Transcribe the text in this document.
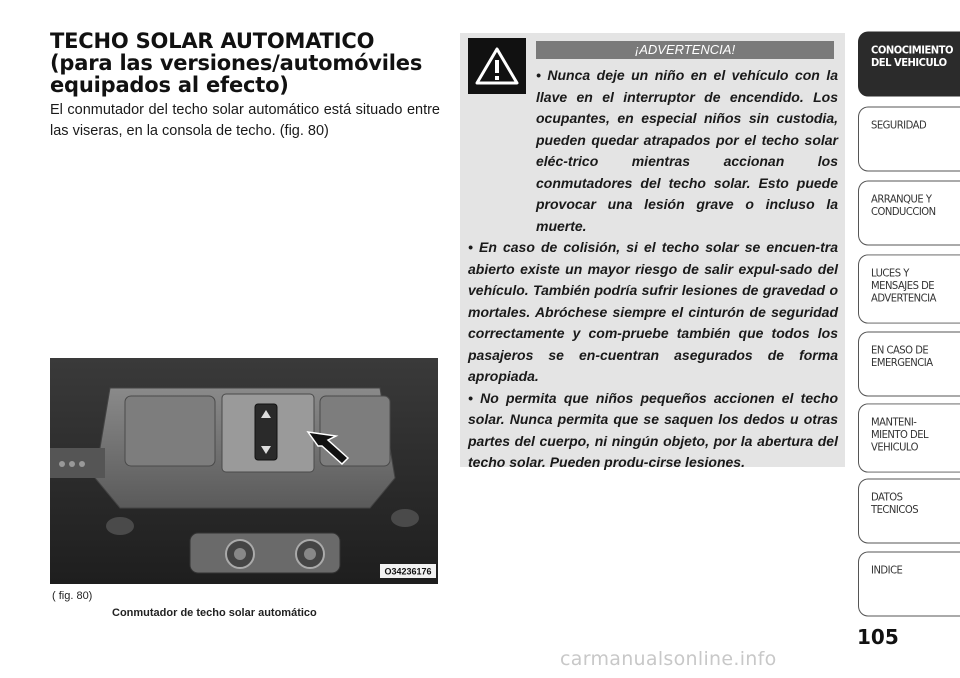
TECHO SOLAR AUTOMATICO (para las versiones/automóviles equipados al efecto)
El conmutador del techo solar automático está situado entre las viseras, en la consola de techo. (fig. 80)
O34236176
( fig. 80)
Conmutador de techo solar automático
¡ADVERTENCIA!

• Nunca deje un niño en el vehículo con la llave en el interruptor de encendido. Los ocupantes, en especial niños sin custodia, pueden quedar atrapados por el techo solar eléc-trico mientras accionan los conmutadores del techo solar. Esto puede provocar una lesión grave o incluso la muerte.

• En caso de colisión, si el techo solar se encuen-tra abierto existe un mayor riesgo de salir expul-sado del vehículo. También podría sufrir lesiones de gravedad o mortales. Abróchese siempre el cinturón de seguridad correctamente y com-pruebe también que todos los pasajeros se en-cuentran asegurados de forma apropiada.

• No permita que niños pequeños accionen el techo solar. Nunca permita que se saquen los dedos u otras partes del cuerpo, ni ningún objeto, por la abertura del techo solar. Pueden produ-cirse lesiones.

CONOCIMIENTO
DEL VEHICULO
SEGURIDAD
ARRANQUE Y
CONDUCCION
LUCES Y
MENSAJES DE
ADVERTENCIA
EN CASO DE
EMERGENCIA
MANTENI-
MIENTO DEL
VEHICULO
DATOS
TECNICOS
INDICE
105
carmanualsonline.info
